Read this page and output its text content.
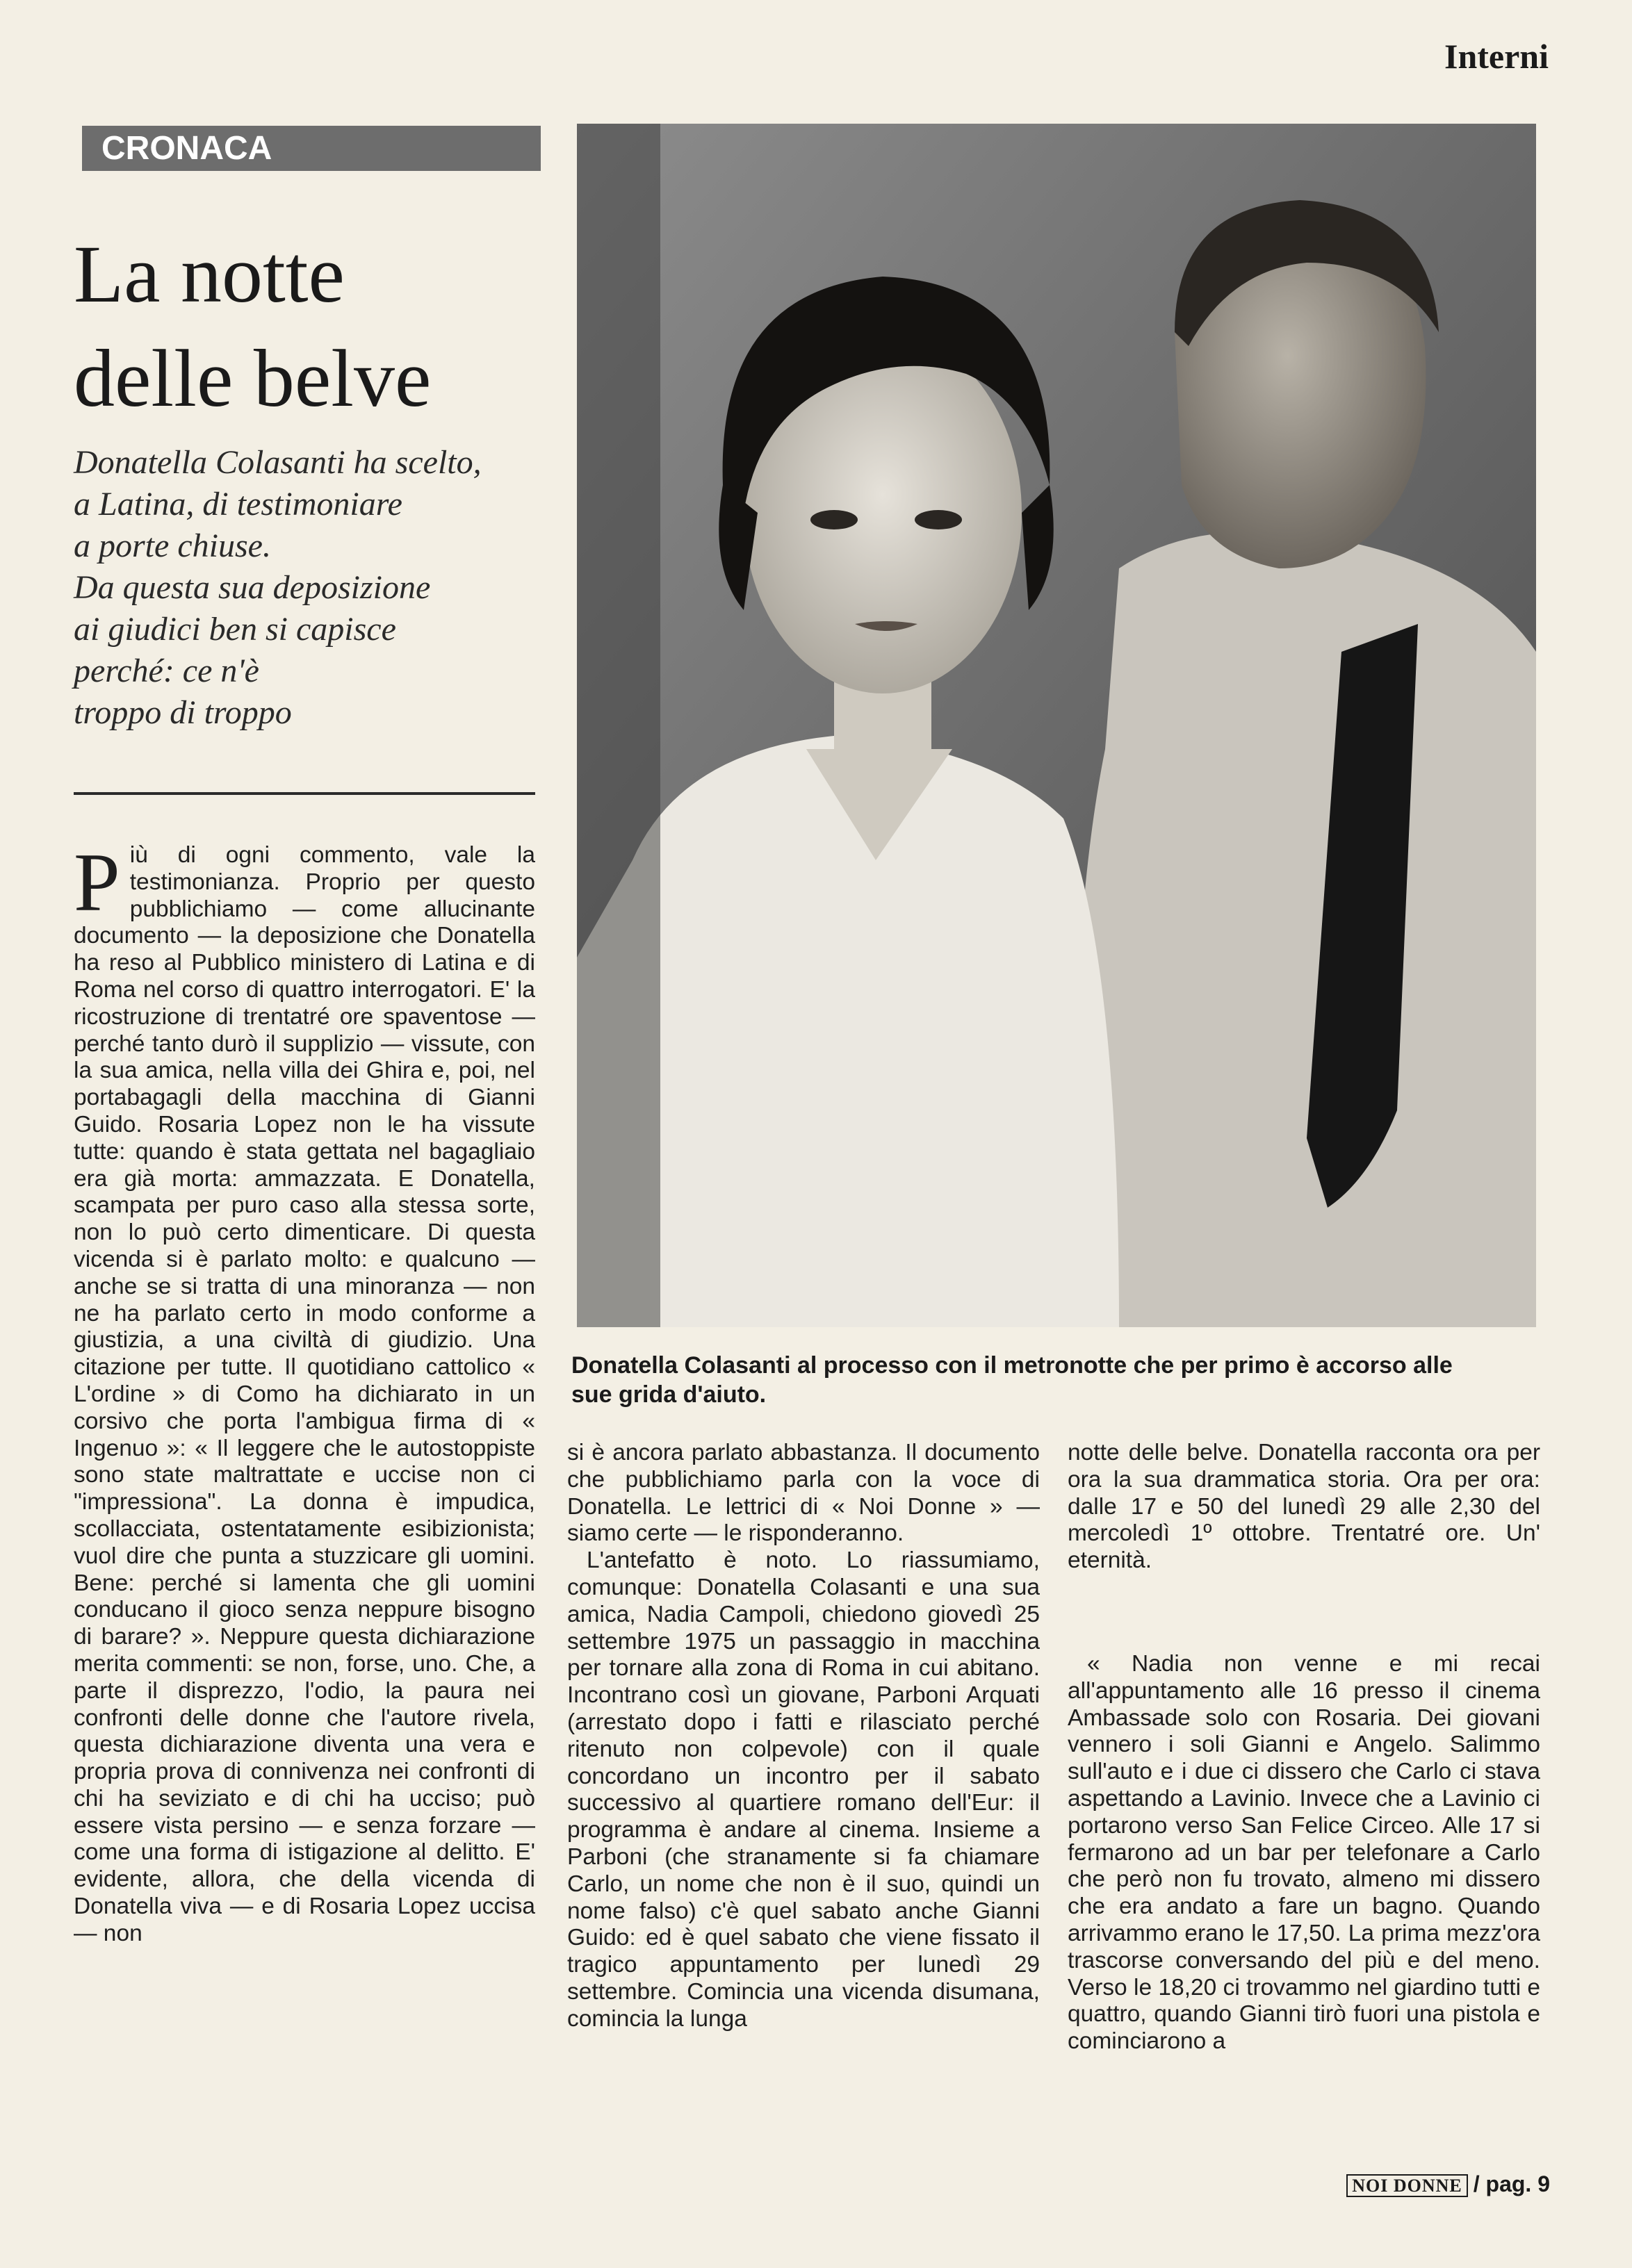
Interni
CRONACA
La notte
delle belve
Donatella Colasanti ha scelto,
a Latina, di testimoniare
a porte chiuse.
Da questa sua deposizione
ai giudici ben si capisce
perché: ce n'è
troppo di troppo

Più di ogni commento, vale la testimonianza. Proprio per questo pubblichiamo — come allucinante documento — la deposizione che Donatella ha reso al Pubblico ministero di Latina e di Roma nel corso di quattro interrogatori. E' la ricostruzione di trentatré ore spaventose — perché tanto durò il supplizio — vissute, con la sua amica, nella villa dei Ghira e, poi, nel portabagagli della macchina di Gianni Guido. Rosaria Lopez non le ha vissute tutte: quando è stata gettata nel bagagliaio era già morta: ammazzata. E Donatella, scampata per puro caso alla stessa sorte, non lo può certo dimenticare. Di questa vicenda si è parlato molto: e qualcuno — anche se si tratta di una minoranza — non ne ha parlato certo in modo conforme a giustizia, a una civiltà di giudizio. Una citazione per tutte. Il quotidiano cattolico « L'ordine » di Como ha dichiarato in un corsivo che porta l'ambigua firma di « Ingenuo »: « Il leggere che le autostoppiste sono state maltrattate e uccise non ci "impressiona". La donna è impudica, scollacciata, ostentatamente esibizionista; vuol dire che punta a stuzzicare gli uomini. Bene: perché si lamenta che gli uomini conducano il gioco senza neppure bisogno di barare? ». Neppure questa dichiarazione merita commenti: se non, forse, uno. Che, a parte il disprezzo, l'odio, la paura nei confronti delle donne che l'autore rivela, questa dichiarazione diventa una vera e propria prova di connivenza nei confronti di chi ha seviziato e di chi ha ucciso; può essere vista persino — e senza forzare — come una forma di istigazione al delitto. E' evidente, allora, che della vicenda di Donatella viva — e di Rosaria Lopez uccisa — non

Donatella Colasanti al processo con il metronotte che per primo è accorso alle sue grida d'aiuto.

si è ancora parlato abbastanza. Il documento che pubblichiamo parla con la voce di Donatella. Le lettrici di « Noi Donne » — siamo certe — le risponderanno.

L'antefatto è noto. Lo riassumiamo, comunque: Donatella Colasanti e una sua amica, Nadia Campoli, chiedono giovedì 25 settembre 1975 un passaggio in macchina per tornare alla zona di Roma in cui abitano. Incontrano così un giovane, Parboni Arquati (arrestato dopo i fatti e rilasciato perché ritenuto non colpevole) con il quale concordano un incontro per il sabato successivo al quartiere romano dell'Eur: il programma è andare al cinema. Insieme a Parboni (che stranamente si fa chiamare Carlo, un nome che non è il suo, quindi un nome falso) c'è quel sabato anche Gianni Guido: ed è quel sabato che viene fissato il tragico appuntamento per lunedì 29 settembre. Comincia una vicenda disumana, comincia la lunga

notte delle belve. Donatella racconta ora per ora la sua drammatica storia. Ora per ora: dalle 17 e 50 del lunedì 29 alle 2,30 del mercoledì 1º ottobre. Trentatré ore. Un' eternità.

« Nadia non venne e mi recai all'appuntamento alle 16 presso il cinema Ambassade solo con Rosaria. Dei giovani vennero i soli Gianni e Angelo. Salimmo sull'auto e i due ci dissero che Carlo ci stava aspettando a Lavinio. Invece che a Lavinio ci portarono verso San Felice Circeo. Alle 17 si fermarono ad un bar per telefonare a Carlo che però non fu trovato, almeno mi dissero che era andato a fare un bagno. Quando arrivammo erano le 17,50. La prima mezz'ora trascorse conversando del più e del meno. Verso le 18,20 ci trovammo nel giardino tutti e quattro, quando Gianni tirò fuori una pistola e cominciarono a

NOI DONNE / pag. 9
